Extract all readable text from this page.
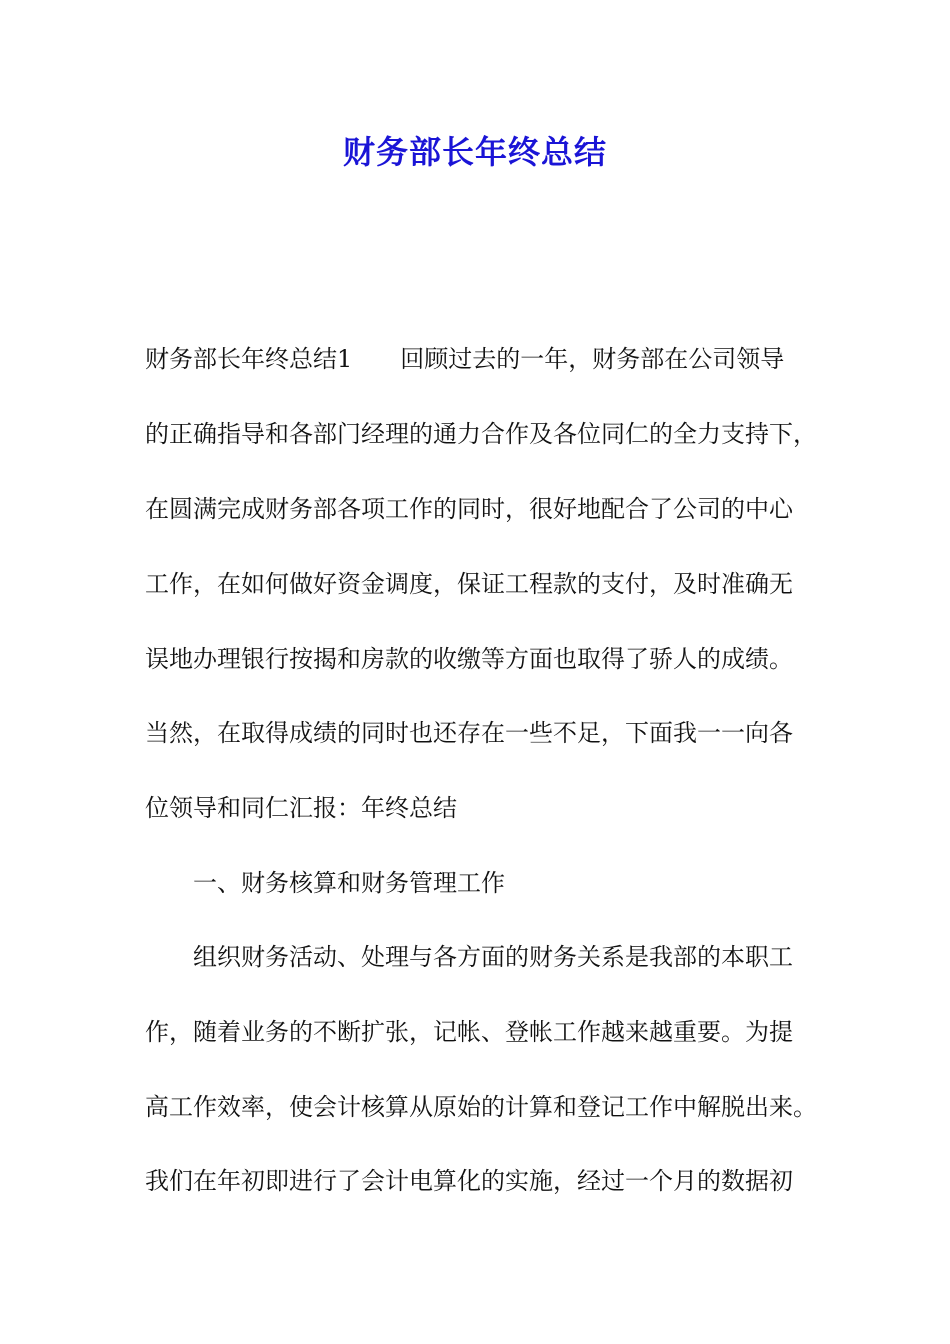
财务部长年终总结
财务部长年终总结1　　回顾过去的一年，财务部在公司领导
的正确指导和各部门经理的通力合作及各位同仁的全力支持下，
在圆满完成财务部各项工作的同时，很好地配合了公司的中心
工作，在如何做好资金调度，保证工程款的支付，及时准确无
误地办理银行按揭和房款的收缴等方面也取得了骄人的成绩。
当然，在取得成绩的同时也还存在一些不足，下面我一一向各
位领导和同仁汇报：年终总结
一、财务核算和财务管理工作
组织财务活动、处理与各方面的财务关系是我部的本职工
作，随着业务的不断扩张，记帐、登帐工作越来越重要。为提
高工作效率，使会计核算从原始的计算和登记工作中解脱出来。
我们在年初即进行了会计电算化的实施，经过一个月的数据初
